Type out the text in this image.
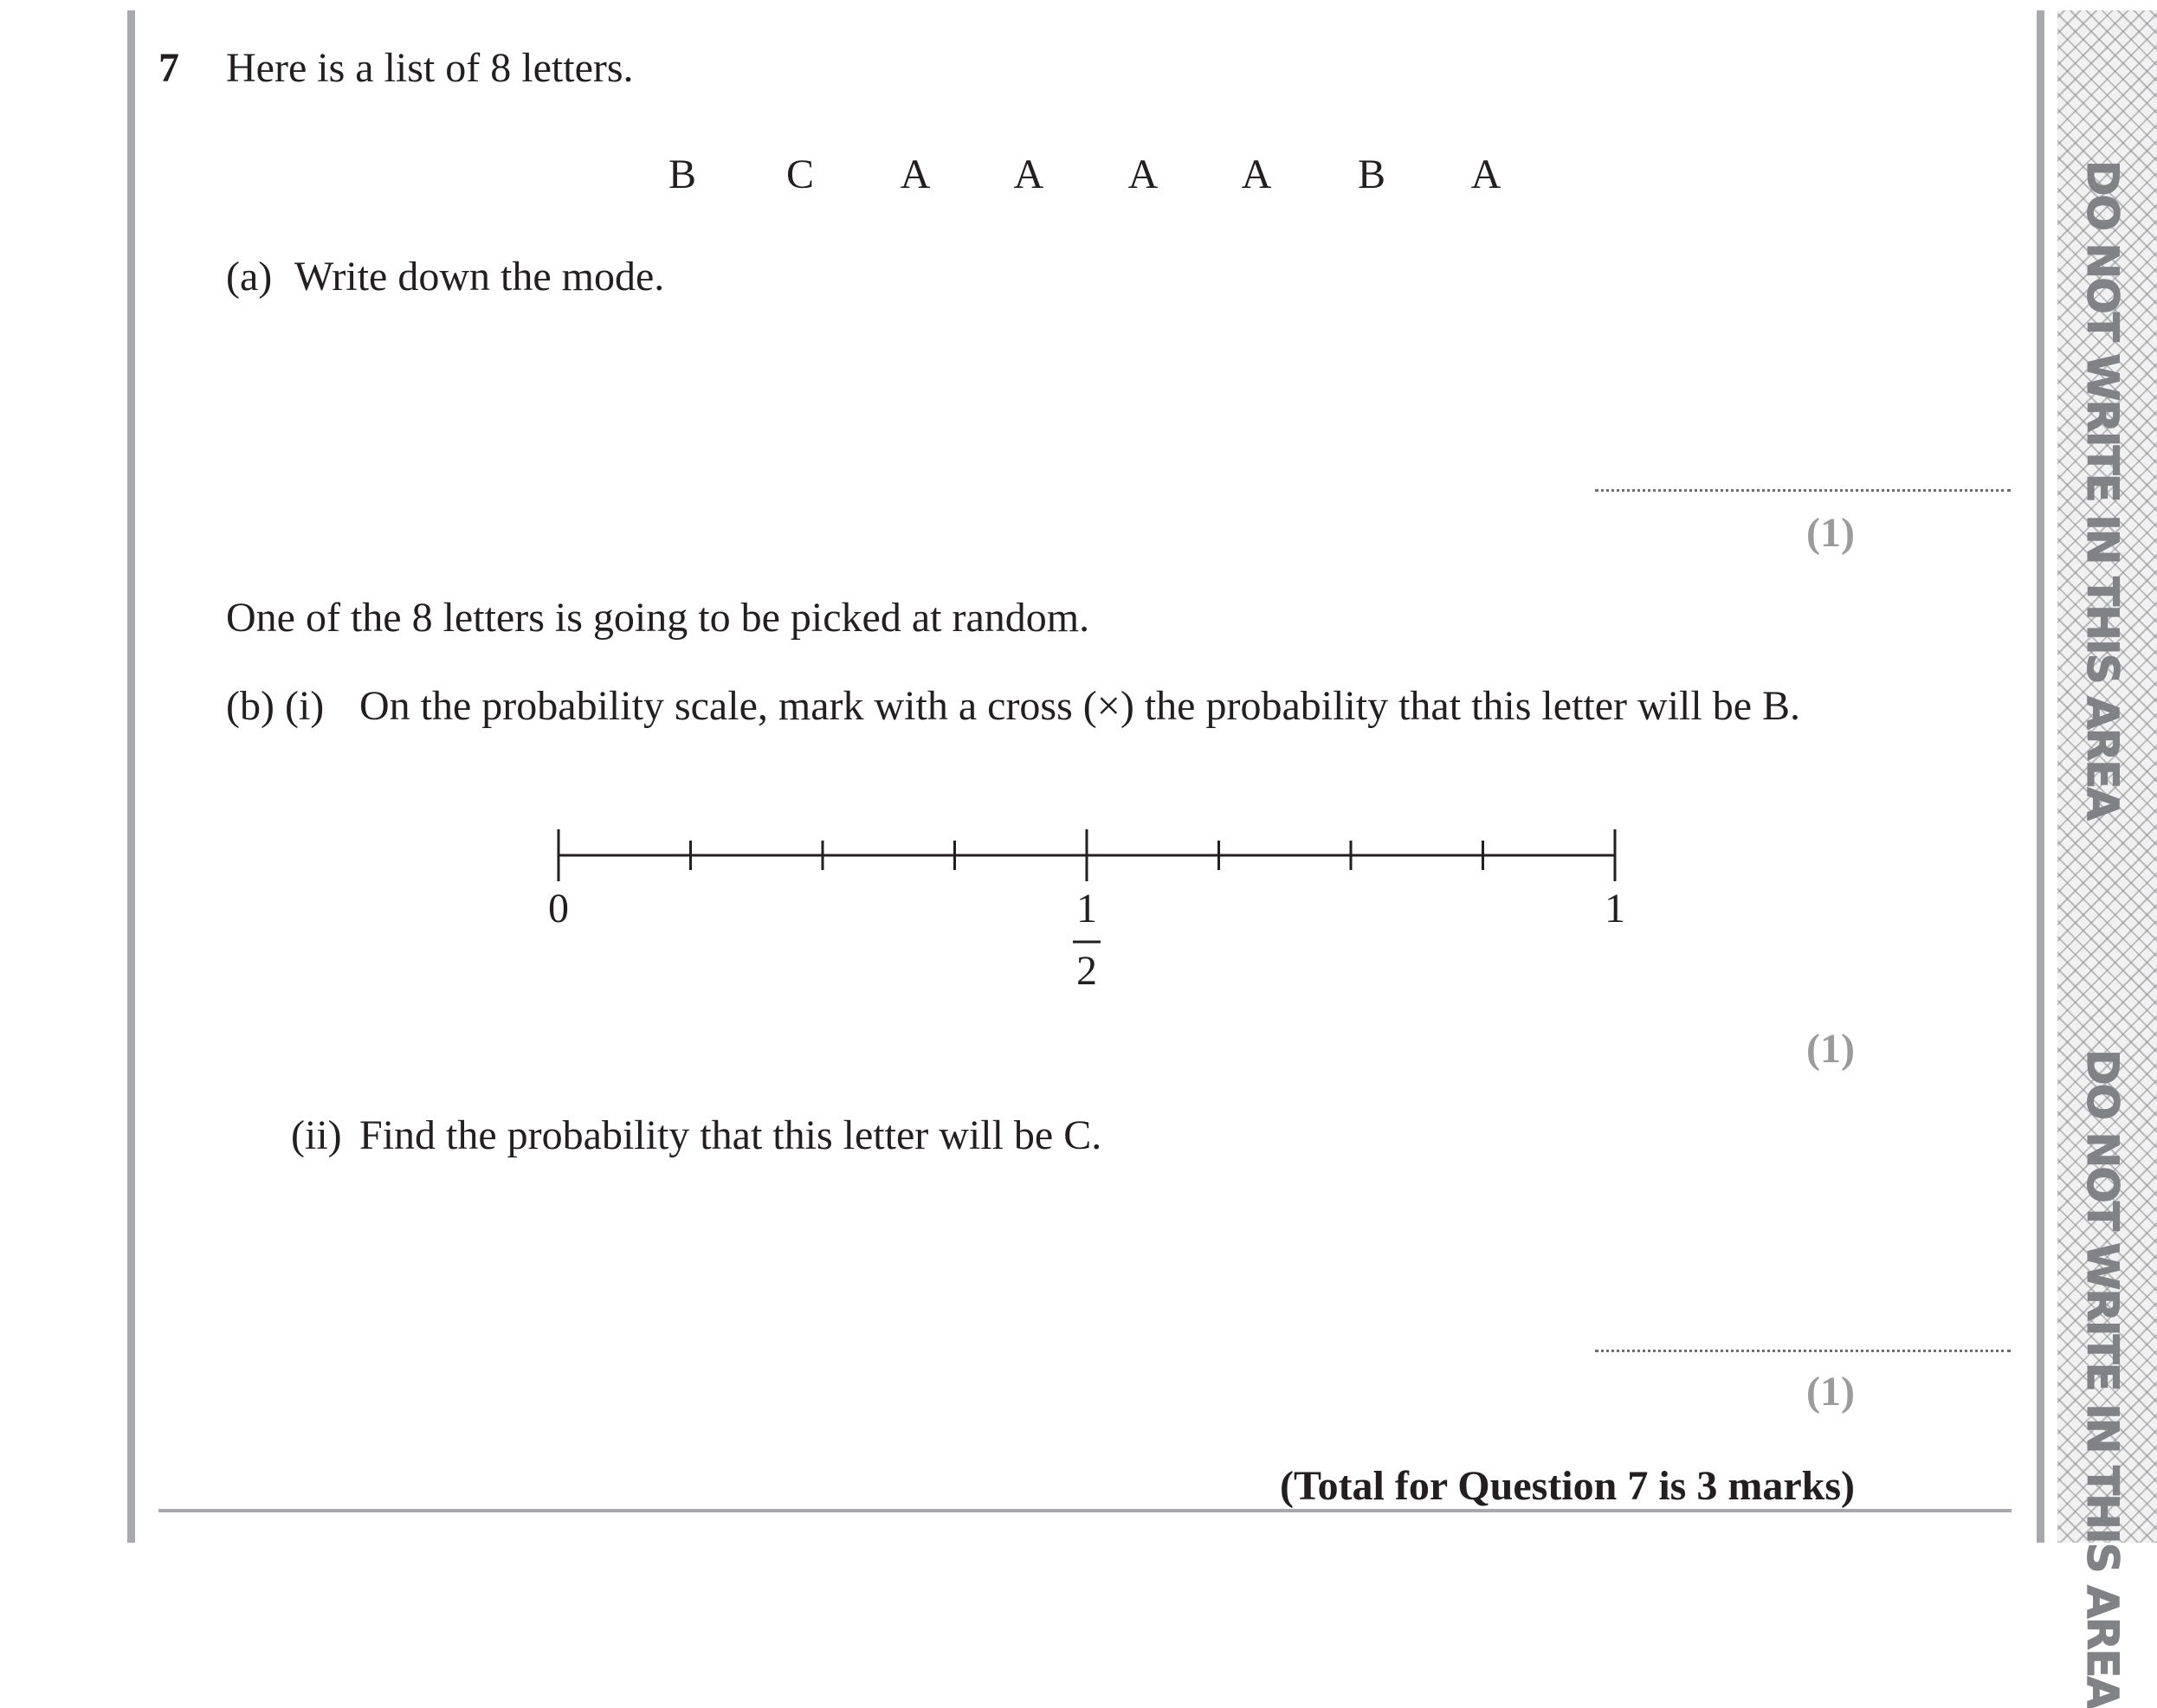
DO NOT WRITE IN THIS AREA
DO NOT WRITE IN THIS AREA
7 Here is a list of 8 letters.
B C A A A A B A
(a) Write down the mode.
(1)
One of the 8 letters is going to be picked at random.
(b) (i) On the probability scale, mark with a cross (×) the probability that this letter will be B.
0	1
2
1
(1)
(ii) Find the probability that this letter will be C.
(1)
(Total for Question 7 is 3 marks)
